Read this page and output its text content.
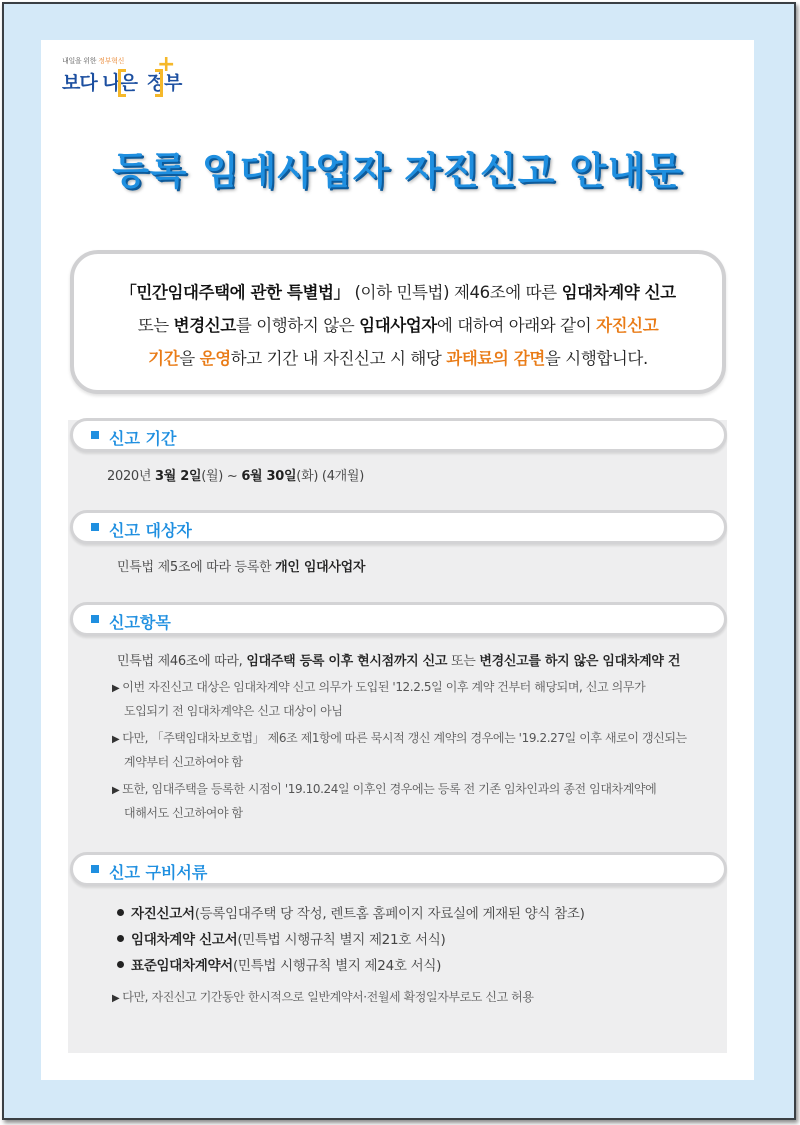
내일을 위한 정부혁신
보다 나은 정부
+
등록 임대사업자 자진신고 안내문
「민간임대주택에 관한 특별법」 (이하 민특법) 제46조에 따른 임대차계약 신고
또는 변경신고를 이행하지 않은 임대사업자에 대하여 아래와 같이 자진신고
기간을 운영하고 기간 내 자진신고 시 해당 과태료의 감면을 시행합니다.
신고 기간
2020년 3월 2일(월) ~ 6월 30일(화) (4개월)
신고 대상자
민특법 제5조에 따라 등록한 개인 임대사업자
신고항목
민특법 제46조에 따라, 임대주택 등록 이후 현시점까지 신고 또는 변경신고를 하지 않은 임대차계약 건
▶ 이번 자진신고 대상은 임대차계약 신고 의무가 도입된 '12.2.5일 이후 계약 건부터 해당되며, 신고 의무가
도입되기 전 임대차계약은 신고 대상이 아님
▶ 다만, 「주택임대차보호법」 제6조 제1항에 따른 묵시적 갱신 계약의 경우에는 '19.2.27일 이후 새로이 갱신되는
계약부터 신고하여야 함
▶ 또한, 임대주택을 등록한 시점이 '19.10.24일 이후인 경우에는 등록 전 기존 임차인과의 종전 임대차계약에
대해서도 신고하여야 함
신고 구비서류
자진신고서(등록임대주택 당 작성, 렌트홈 홈페이지 자료실에 게재된 양식 참조)
임대차계약 신고서(민특법 시행규칙 별지 제21호 서식)
표준임대차계약서(민특법 시행규칙 별지 제24호 서식)
▶ 다만, 자진신고 기간동안 한시적으로 일반계약서·전월세 확정일자부로도 신고 허용
